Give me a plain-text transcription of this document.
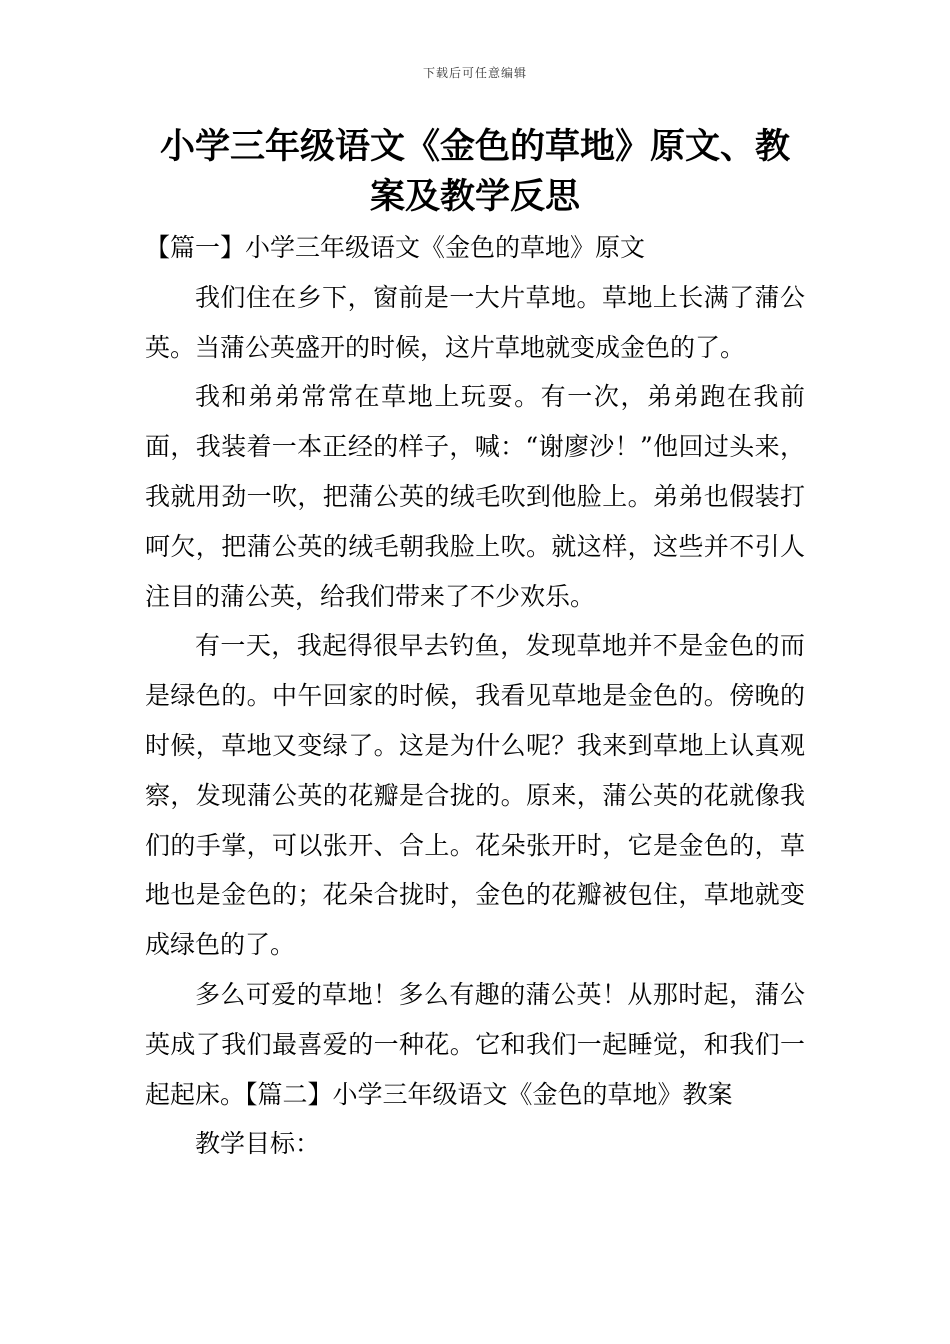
下载后可任意编辑
小学三年级语文《金色的草地》原文、教案及教学反思

【篇一】小学三年级语文《金色的草地》原文

我们住在乡下，窗前是一大片草地。草地上长满了蒲公英。当蒲公英盛开的时候，这片草地就变成金色的了。

我和弟弟常常在草地上玩耍。有一次，弟弟跑在我前面，我装着一本正经的样子，喊：“谢廖沙！”他回过头来，我就用劲一吹，把蒲公英的绒毛吹到他脸上。弟弟也假装打呵欠，把蒲公英的绒毛朝我脸上吹。就这样，这些并不引人注目的蒲公英，给我们带来了不少欢乐。

有一天，我起得很早去钓鱼，发现草地并不是金色的而是绿色的。中午回家的时候，我看见草地是金色的。傍晚的时候，草地又变绿了。这是为什么呢？我来到草地上认真观察，发现蒲公英的花瓣是合拢的。原来，蒲公英的花就像我们的手掌，可以张开、合上。花朵张开时，它是金色的，草地也是金色的；花朵合拢时，金色的花瓣被包住，草地就变成绿色的了。

多么可爱的草地！多么有趣的蒲公英！从那时起，蒲公英成了我们最喜爱的一种花。它和我们一起睡觉，和我们一起起床。【篇二】小学三年级语文《金色的草地》教案

教学目标：
